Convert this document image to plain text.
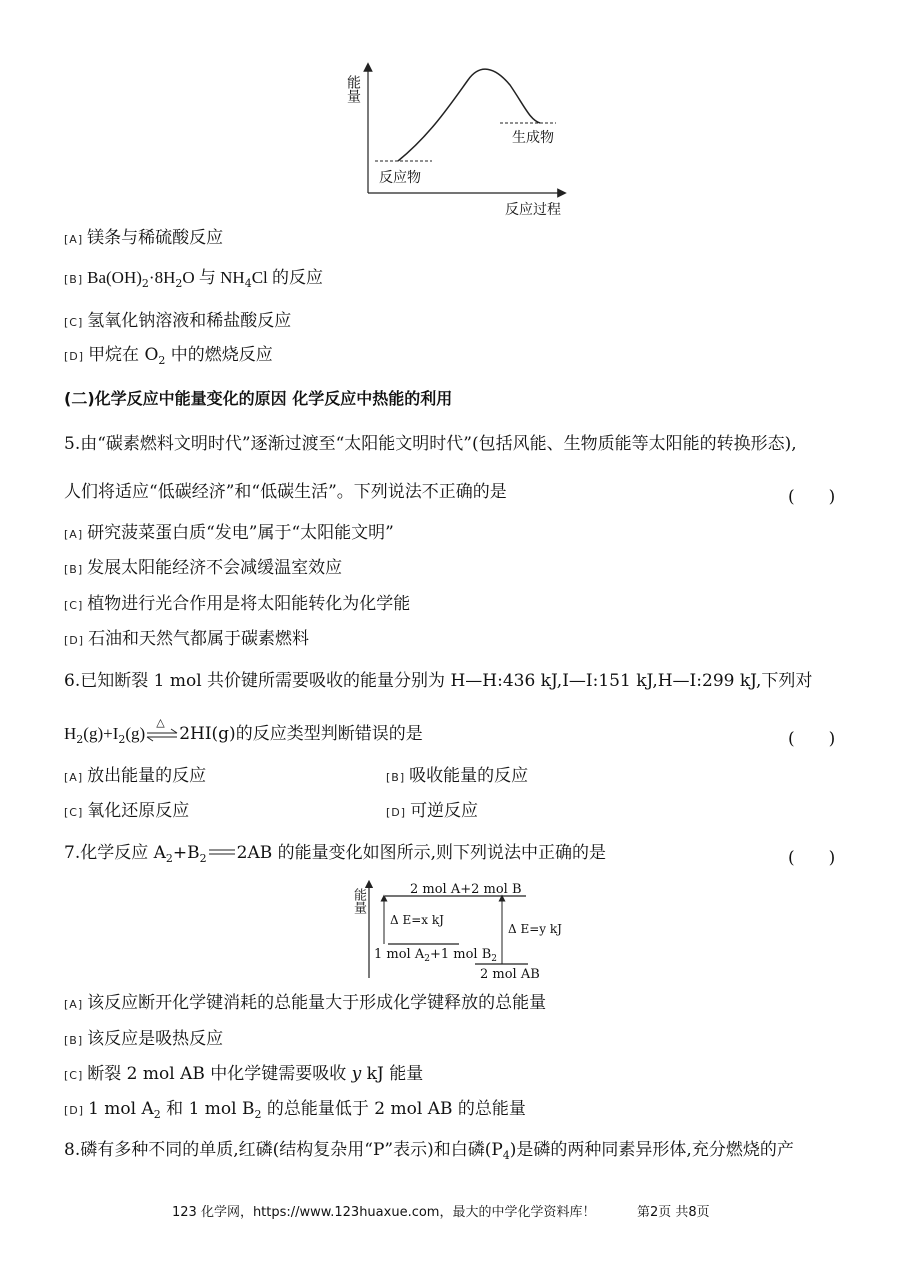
能量
生成物
反应物
反应过程
[A] 镁条与稀硫酸反应
[B] $Ba(OH)_2\cdot 8H_2O$ 与 $NH_4Cl$ 的反应
[C] 氢氧化钠溶液和稀盐酸反应
[D] 甲烷在 $O_2$ 中的燃烧反应
(二)化学反应中能量变化的原因 化学反应中热能的利用
5.由“碳素燃料文明时代”逐渐过渡至“太阳能文明时代”(包括风能、生物质能等太阳能的转换形态),
人们将适应“低碳经济”和“低碳生活”。下列说法不正确的是	(　　)
[A] 研究菠菜蛋白质“发电”属于“太阳能文明”
[B] 发展太阳能经济不会减缓温室效应
[C] 植物进行光合作用是将太阳能转化为化学能
[D] 石油和天然气都属于碳素燃料
6.已知断裂 1 mol 共价键所需要吸收的能量分别为 H—H:436 kJ,I—I:151 kJ,H—I:299 kJ,下列对
$H_2(g)+I_2(g)$
△
2HI(g)的反应类型判断错误的是	(　　)
[A] 放出能量的反应	[B] 吸收能量的反应
[C] 氧化还原反应	[D] 可逆反应
7.化学反应 $A_2+B_2$ 2AB 的能量变化如图所示,则下列说法中正确的是	(　　)
能量	2 mol A+2 mol B
Δ E=x kJ
Δ E=y kJ
1 mol $A_2+1$ mol $B_2$
2 mol AB
[A] 该反应断开化学键消耗的总能量大于形成化学键释放的总能量
[B] 该反应是吸热反应
[C] 断裂 2 mol AB 中化学键需要吸收 y kJ 能量
[D] 1 mol $A_2$ 和 1 mol $B_2$ 的总能量低于 2 mol AB 的总能量
8.磷有多种不同的单质,红磷(结构复杂用“P”表示)和白磷$(P_4)$是磷的两种同素异形体,充分燃烧的产
123 化学网，https://www.123huaxue.com，最大的中学化学资料库！	第2页 共8页
